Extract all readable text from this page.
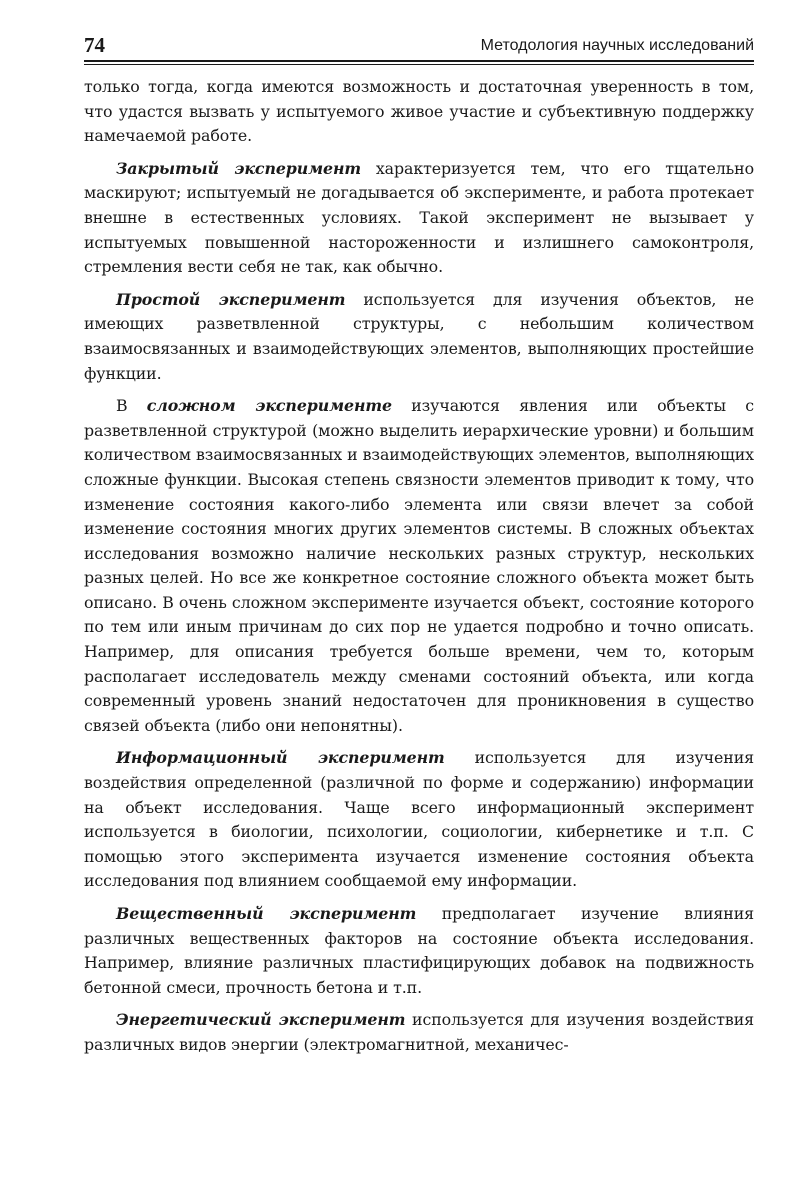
74	Методология научных исследований

только тогда, когда имеются возможность и достаточная уверенность в том, что удастся вызвать у испытуемого живое участие и субъективную поддержку намечаемой работе.

Закрытый эксперимент характеризуется тем, что его тщательно маскируют; испытуемый не догадывается об эксперименте, и работа протекает внешне в естественных условиях. Такой эксперимент не вызывает у испытуемых повышенной настороженности и излишнего самоконтроля, стремления вести себя не так, как обычно.

Простой эксперимент используется для изучения объектов, не имеющих разветвленной структуры, с небольшим количеством взаимосвязанных и взаимодействующих элементов, выполняющих простейшие функции.

В сложном эксперименте изучаются явления или объекты с разветвленной структурой (можно выделить иерархические уровни) и большим количеством взаимосвязанных и взаимодействующих элементов, выполняющих сложные функции. Высокая степень связности элементов приводит к тому, что изменение состояния какого-либо элемента или связи влечет за собой изменение состояния многих других элементов системы. В сложных объектах исследования возможно наличие нескольких разных структур, нескольких разных целей. Но все же конкретное состояние сложного объекта может быть описано. В очень сложном эксперименте изучается объект, состояние которого по тем или иным причинам до сих пор не удается подробно и точно описать. Например, для описания требуется больше времени, чем то, которым располагает исследователь между сменами состояний объекта, или когда современный уровень знаний недостаточен для проникновения в существо связей объекта (либо они непонятны).

Информационный эксперимент используется для изучения воздействия определенной (различной по форме и содержанию) информации на объект исследования. Чаще всего информационный эксперимент используется в биологии, психологии, социологии, кибернетике и т.п. С помощью этого эксперимента изучается изменение состояния объекта исследования под влиянием сообщаемой ему информации.

Вещественный эксперимент предполагает изучение влияния различных вещественных факторов на состояние объекта исследования. Например, влияние различных пластифицирующих добавок на подвижность бетонной смеси, прочность бетона и т.п.

Энергетический эксперимент используется для изучения воздействия различных видов энергии (электромагнитной, механичес-
